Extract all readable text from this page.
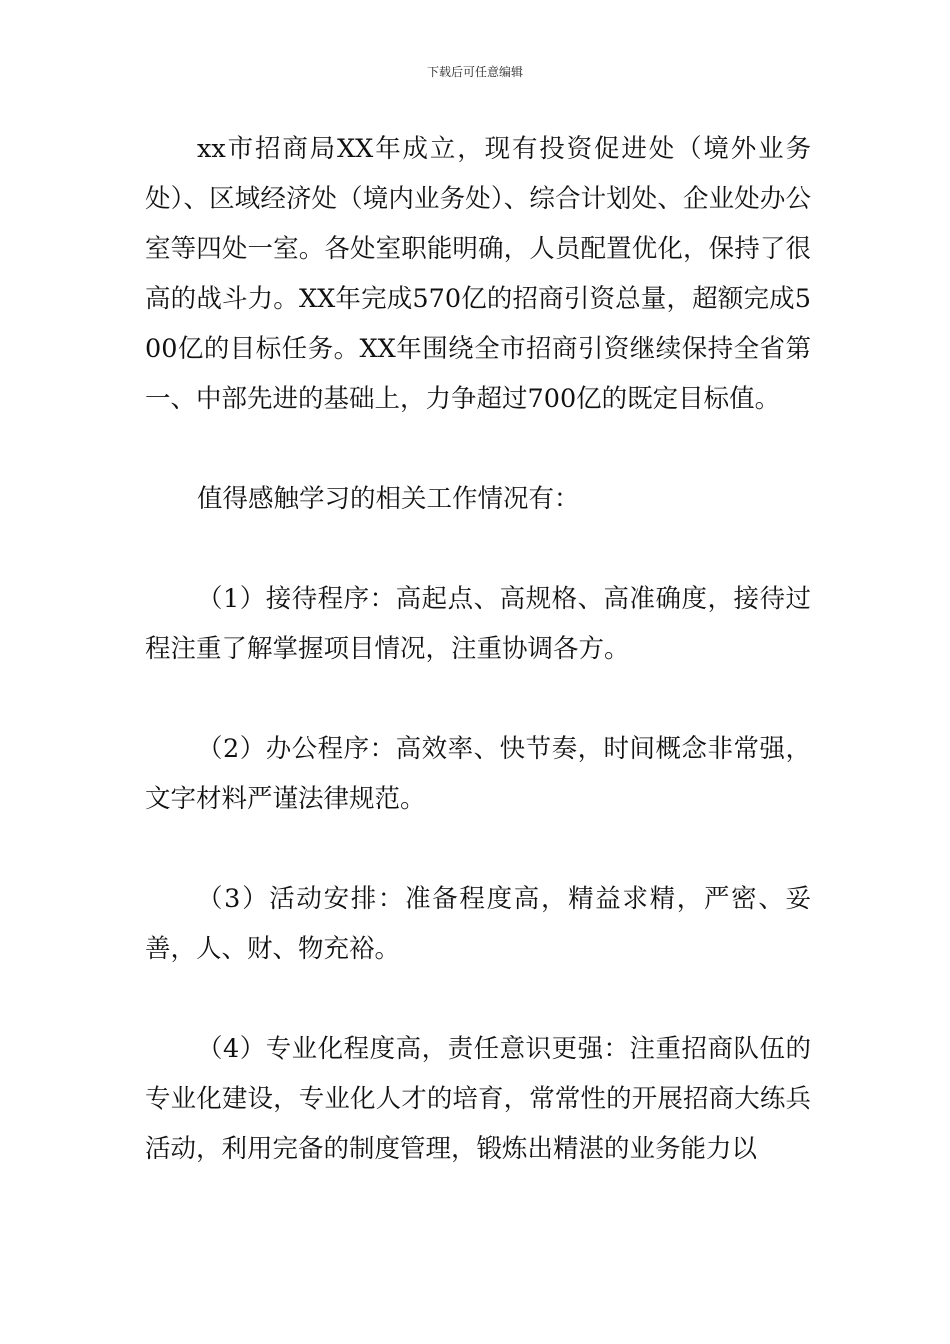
下载后可任意编辑

xx市招商局XX年成立，现有投资促进处（境外业务处）、区域经济处（境内业务处）、综合计划处、企业处办公室等四处一室。各处室职能明确，人员配置优化，保持了很高的战斗力。XX年完成570亿的招商引资总量，超额完成500亿的目标任务。XX年围绕全市招商引资继续保持全省第一、中部先进的基础上，力争超过700亿的既定目标值。

值得感触学习的相关工作情况有：

（1）接待程序：高起点、高规格、高准确度，接待过程注重了解掌握项目情况，注重协调各方。

（2）办公程序：高效率、快节奏，时间概念非常强，文字材料严谨法律规范。

（3）活动安排：准备程度高，精益求精，严密、妥善，人、财、物充裕。

（4）专业化程度高，责任意识更强：注重招商队伍的专业化建设，专业化人才的培育，常常性的开展招商大练兵活动，利用完备的制度管理，锻炼出精湛的业务能力以
